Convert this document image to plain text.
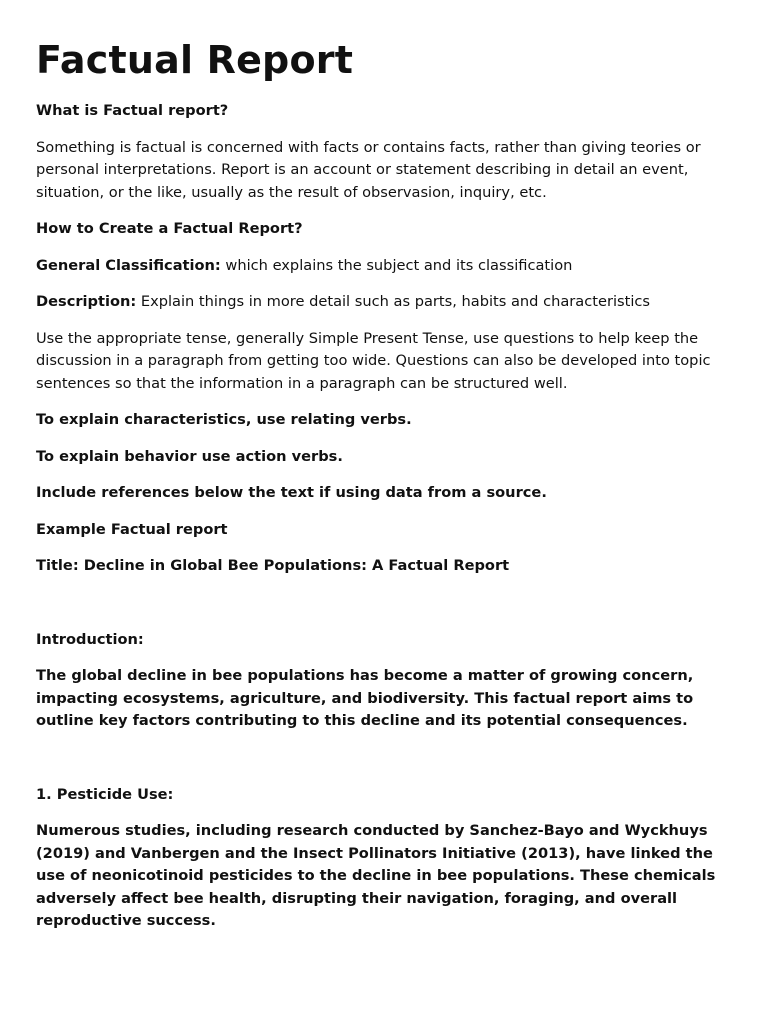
Factual Report

What is Factual report?

Something is factual is concerned with facts or contains facts, rather than giving teories or personal interpretations. Report is an account or statement describing in detail an event, situation, or the like, usually as the result of observasion, inquiry, etc.

How to Create a Factual Report?

General Classification: which explains the subject and its classification

Description: Explain things in more detail such as parts, habits and characteristics

Use the appropriate tense, generally Simple Present Tense, use questions to help keep the discussion in a paragraph from getting too wide. Questions can also be developed into topic sentences so that the information in a paragraph can be structured well.

To explain characteristics, use relating verbs.

To explain behavior use action verbs.

Include references below the text if using data from a source.

Example Factual report

Title: Decline in Global Bee Populations: A Factual Report

Introduction:

The global decline in bee populations has become a matter of growing concern, impacting ecosystems, agriculture, and biodiversity. This factual report aims to outline key factors contributing to this decline and its potential consequences.

1. Pesticide Use:

Numerous studies, including research conducted by Sanchez-Bayo and Wyckhuys (2019) and Vanbergen and the Insect Pollinators Initiative (2013), have linked the use of neonicotinoid pesticides to the decline in bee populations. These chemicals adversely affect bee health, disrupting their navigation, foraging, and overall reproductive success.
